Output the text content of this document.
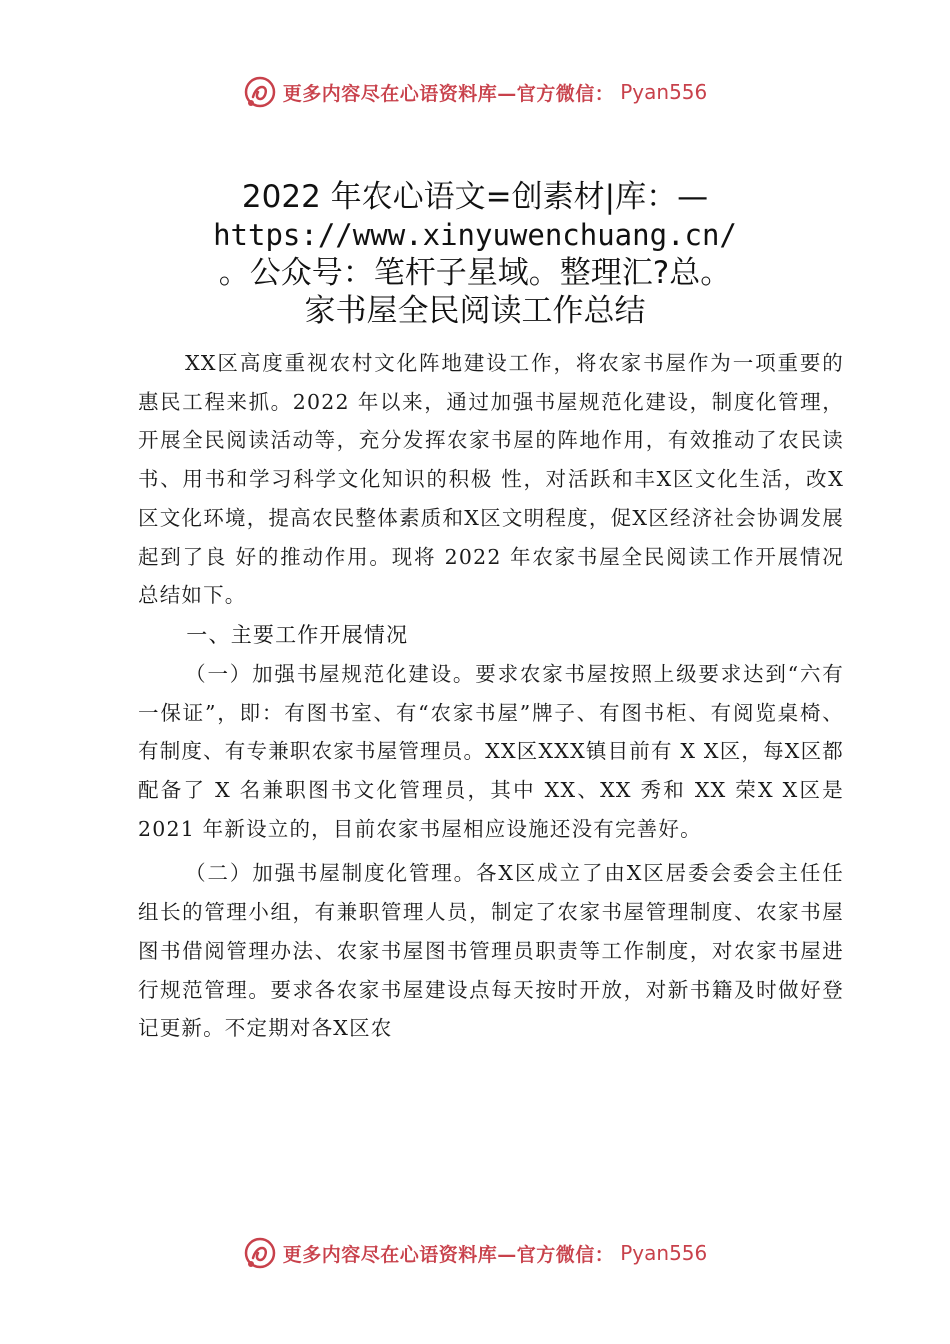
更多内容尽在心语资料库—官方微信： Pyan556
2022 年农心语文=创素材|库：—
https://www.xinyuwenchuang.cn/
。公众号：笔杆子星域。整理汇?总。
家书屋全民阅读工作总结

XX区高度重视农村文化阵地建设工作，将农家书屋作为一项重要的惠民工程来抓。2022 年以来，通过加强书屋规范化建设，制度化管理，开展全民阅读活动等，充分发挥农家书屋的阵地作用，有效推动了农民读书、用书和学习科学文化知识的积极 性，对活跃和丰X区文化生活，改X区文化环境，提高农民整体素质和X区文明程度，促X区经济社会协调发展起到了良 好的推动作用。现将 2022 年农家书屋全民阅读工作开展情况总结如下。

一、主要工作开展情况

（一）加强书屋规范化建设。要求农家书屋按照上级要求达到“六有一保证”，即：有图书室、有“农家书屋”牌子、有图书柜、有阅览桌椅、有制度、有专兼职农家书屋管理员。XX区XXX镇目前有 X X区，每X区都配备了 X 名兼职图书文化管理员，其中 XX、XX 秀和 XX 荣X X区是 2021 年新设立的，目前农家书屋相应设施还没有完善好。

（二）加强书屋制度化管理。各X区成立了由X区居委会委会主任任组长的管理小组，有兼职管理人员，制定了农家书屋管理制度、农家书屋图书借阅管理办法、农家书屋图书管理员职责等工作制度，对农家书屋进行规范管理。要求各农家书屋建设点每天按时开放，对新书籍及时做好登记更新。不定期对各X区农

更多内容尽在心语资料库—官方微信： Pyan556
